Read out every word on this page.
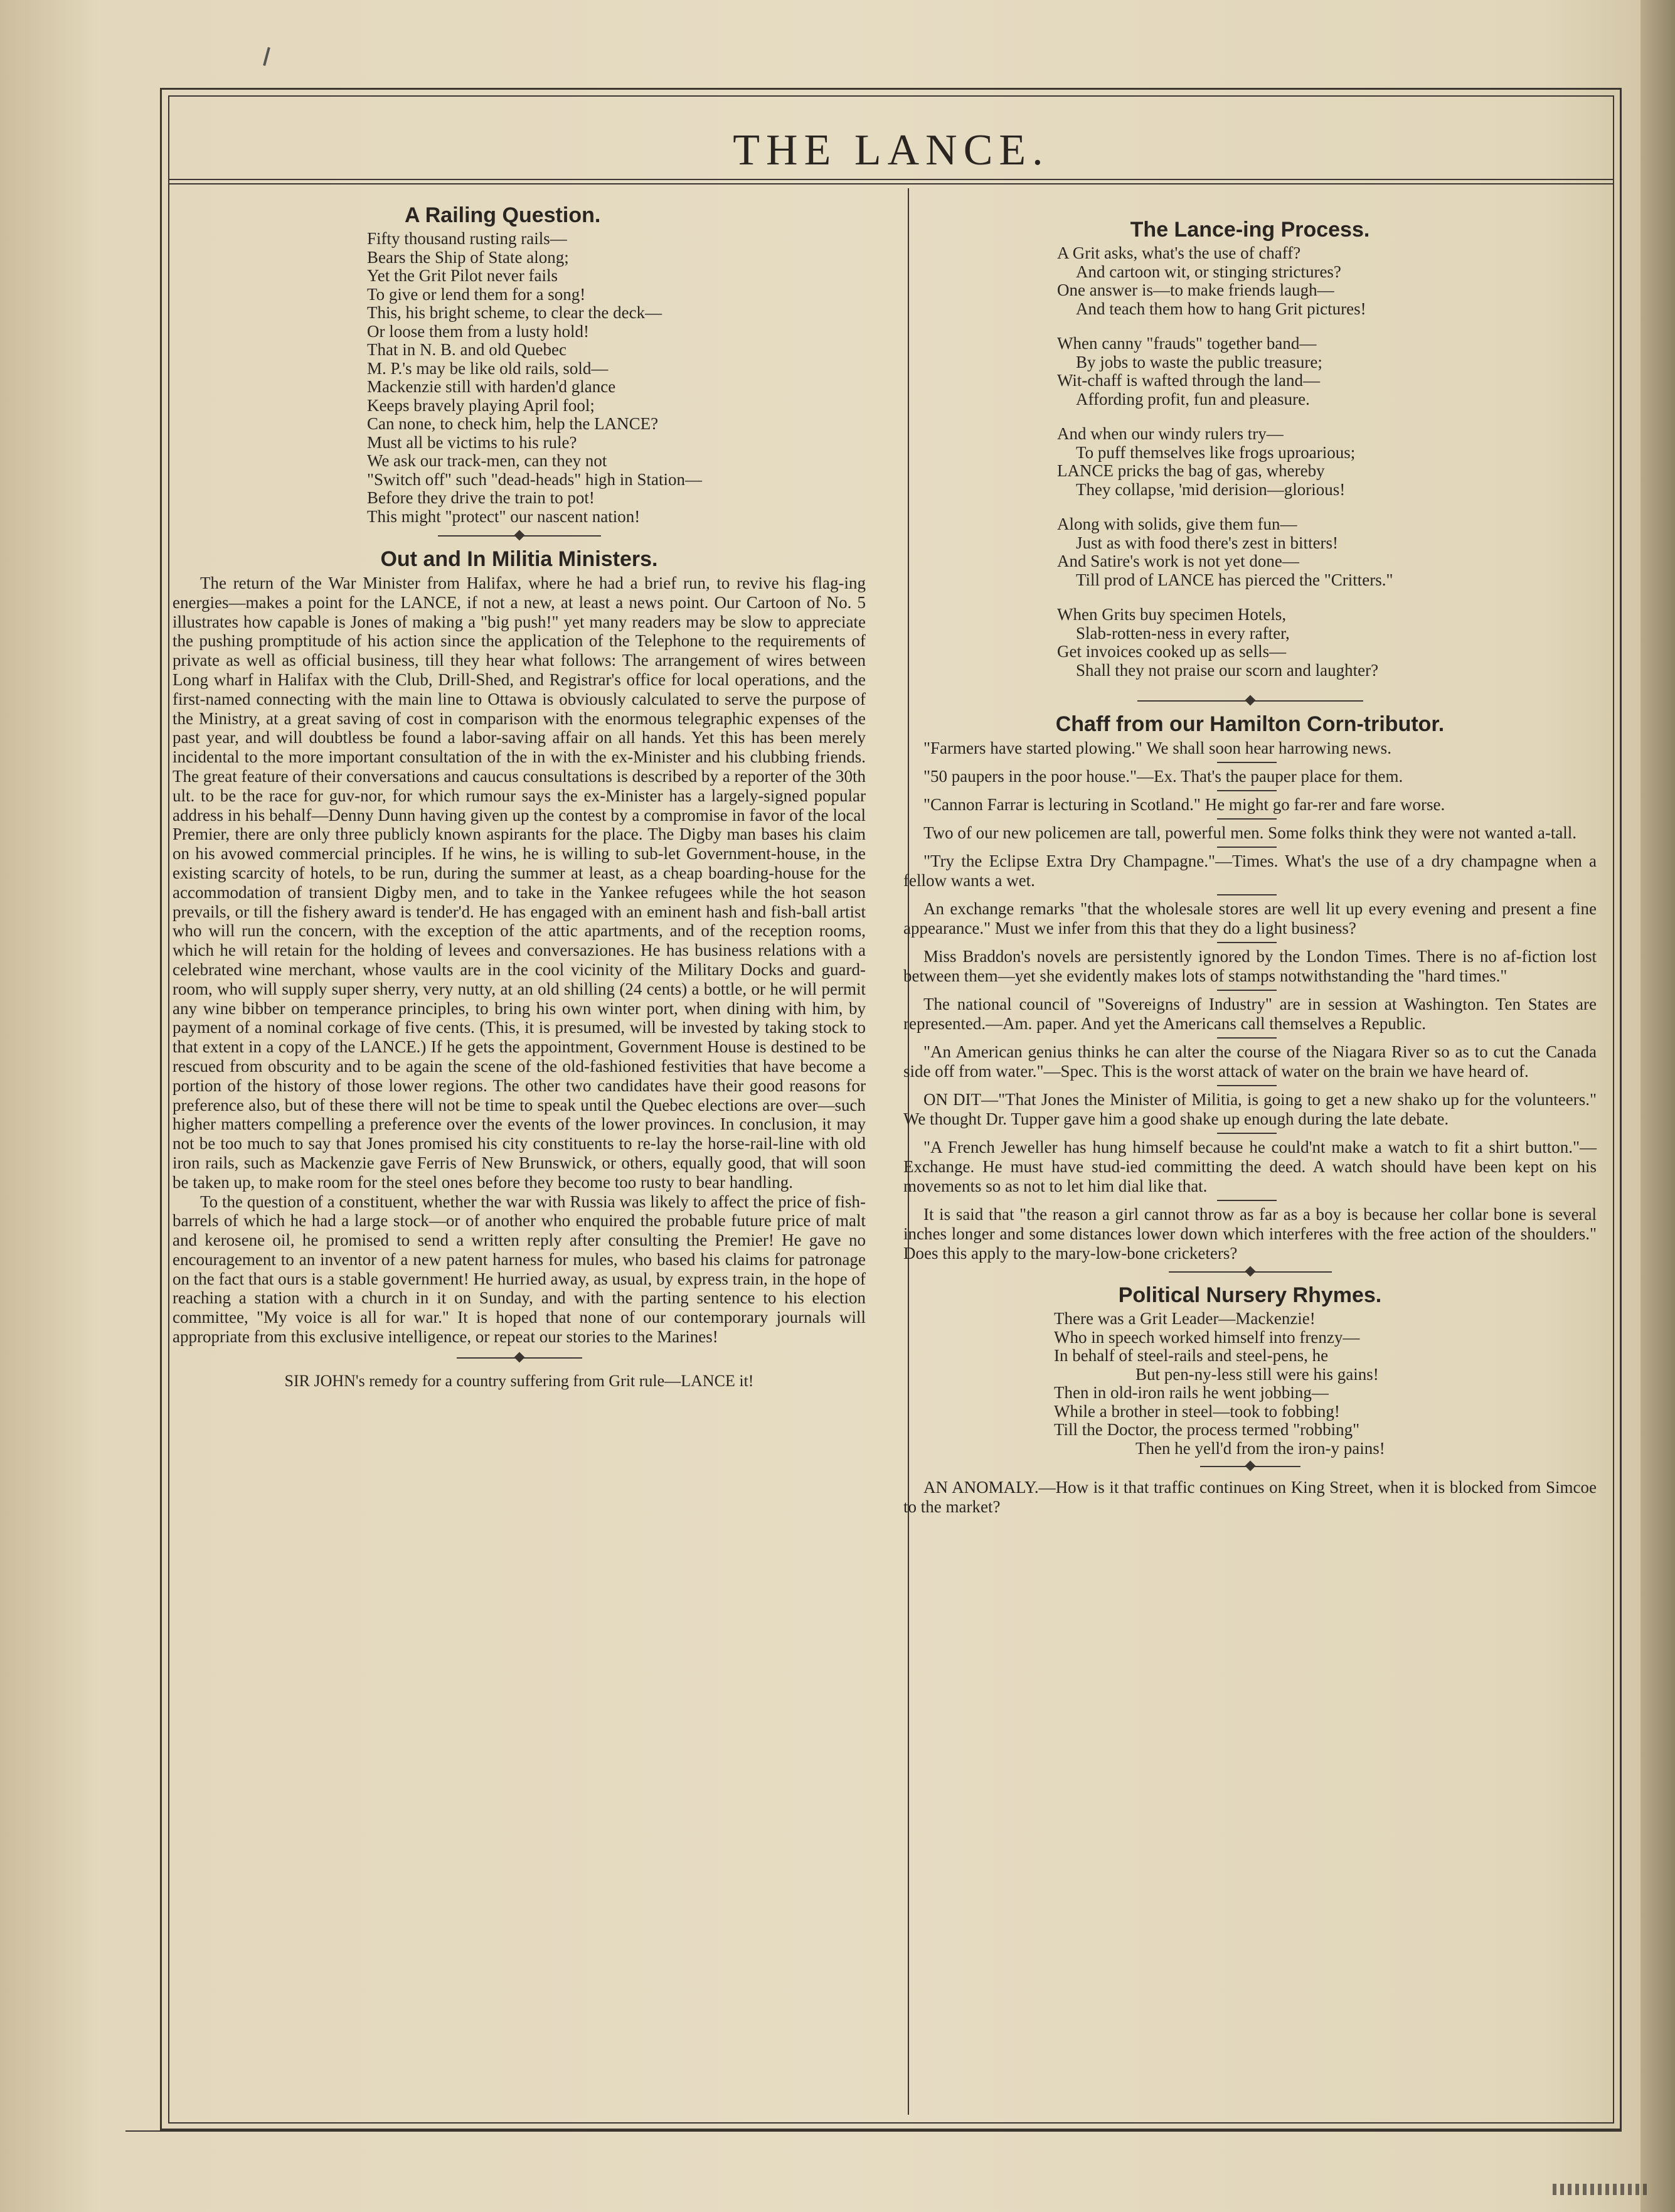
THE LANCE.
A Railing Question.
Fifty thousand rusting rails—
Bears the Ship of State along;
Yet the Grit Pilot never fails
To give or lend them for a song!
This, his bright scheme, to clear the deck—
Or loose them from a lusty hold!
That in N. B. and old Quebec
M. P.'s may be like old rails, sold—
Mackenzie still with harden'd glance
Keeps bravely playing April fool;
Can none, to check him, help the LANCE?
Must all be victims to his rule?
We ask our track-men, can they not
"Switch off" such "dead-heads" high in Station—
Before they drive the train to pot!
This might "protect" our nascent nation!
Out and In Militia Ministers.

The return of the War Minister from Halifax, where he had a brief run, to revive his flag-ing energies—makes a point for the LANCE, if not a new, at least a news point. Our Cartoon of No. 5 illustrates how capable is Jones of making a "big push!" yet many readers may be slow to appreciate the pushing promptitude of his action since the application of the Telephone to the requirements of private as well as official business, till they hear what follows: The arrangement of wires between Long wharf in Halifax with the Club, Drill-Shed, and Registrar's office for local operations, and the first-named connecting with the main line to Ottawa is obviously calculated to serve the purpose of the Ministry, at a great saving of cost in comparison with the enormous telegraphic expenses of the past year, and will doubtless be found a labor-saving affair on all hands. Yet this has been merely incidental to the more important consultation of the in with the ex-Minister and his clubbing friends. The great feature of their conversations and caucus consultations is described by a reporter of the 30th ult. to be the race for guv-nor, for which rumour says the ex-Minister has a largely-signed popular address in his behalf—Denny Dunn having given up the contest by a compromise in favor of the local Premier, there are only three publicly known aspirants for the place. The Digby man bases his claim on his avowed commercial principles. If he wins, he is willing to sub-let Government-house, in the existing scarcity of hotels, to be run, during the summer at least, as a cheap boarding-house for the accommodation of transient Digby men, and to take in the Yankee refugees while the hot season prevails, or till the fishery award is tender'd. He has engaged with an eminent hash and fish-ball artist who will run the concern, with the exception of the attic apartments, and of the reception rooms, which he will retain for the holding of levees and conversaziones. He has business relations with a celebrated wine merchant, whose vaults are in the cool vicinity of the Military Docks and guard-room, who will supply super sherry, very nutty, at an old shilling (24 cents) a bottle, or he will permit any wine bibber on temperance principles, to bring his own winter port, when dining with him, by payment of a nominal corkage of five cents. (This, it is presumed, will be invested by taking stock to that extent in a copy of the LANCE.) If he gets the appointment, Government House is destined to be rescued from obscurity and to be again the scene of the old-fashioned festivities that have become a portion of the history of those lower regions. The other two candidates have their good reasons for preference also, but of these there will not be time to speak until the Quebec elections are over—such higher matters compelling a preference over the events of the lower provinces. In conclusion, it may not be too much to say that Jones promised his city constituents to re-lay the horse-rail-line with old iron rails, such as Mackenzie gave Ferris of New Brunswick, or others, equally good, that will soon be taken up, to make room for the steel ones before they become too rusty to bear handling.

To the question of a constituent, whether the war with Russia was likely to affect the price of fish-barrels of which he had a large stock—or of another who enquired the probable future price of malt and kerosene oil, he promised to send a written reply after consulting the Premier! He gave no encouragement to an inventor of a new patent harness for mules, who based his claims for patronage on the fact that ours is a stable government! He hurried away, as usual, by express train, in the hope of reaching a station with a church in it on Sunday, and with the parting sentence to his election committee, "My voice is all for war." It is hoped that none of our contemporary journals will appropriate from this exclusive intelligence, or repeat our stories to the Marines!

SIR JOHN's remedy for a country suffering from Grit rule—LANCE it!
The Lance-ing Process.
A Grit asks, what's the use of chaff?
And cartoon wit, or stinging strictures?
One answer is—to make friends laugh—
And teach them how to hang Grit pictures!
When canny "frauds" together band—
By jobs to waste the public treasure;
Wit-chaff is wafted through the land—
Affording profit, fun and pleasure.
And when our windy rulers try—
To puff themselves like frogs uproarious;
LANCE pricks the bag of gas, whereby
They collapse, 'mid derision—glorious!
Along with solids, give them fun—
Just as with food there's zest in bitters!
And Satire's work is not yet done—
Till prod of LANCE has pierced the "Critters."
When Grits buy specimen Hotels,
Slab-rotten-ness in every rafter,
Get invoices cooked up as sells—
Shall they not praise our scorn and laughter?
Chaff from our Hamilton Corn-tributor.

"Farmers have started plowing." We shall soon hear harrowing news.

"50 paupers in the poor house."—Ex. That's the pauper place for them.

"Cannon Farrar is lecturing in Scotland." He might go far-rer and fare worse.

Two of our new policemen are tall, powerful men. Some folks think they were not wanted a-tall.

"Try the Eclipse Extra Dry Champagne."—Times. What's the use of a dry champagne when a fellow wants a wet.

An exchange remarks "that the wholesale stores are well lit up every evening and present a fine appearance." Must we infer from this that they do a light business?

Miss Braddon's novels are persistently ignored by the London Times. There is no af-fiction lost between them—yet she evidently makes lots of stamps notwithstanding the "hard times."

The national council of "Sovereigns of Industry" are in session at Washington. Ten States are represented.—Am. paper. And yet the Americans call themselves a Republic.

"An American genius thinks he can alter the course of the Niagara River so as to cut the Canada side off from water."—Spec. This is the worst attack of water on the brain we have heard of.

ON DIT—"That Jones the Minister of Militia, is going to get a new shako up for the volunteers." We thought Dr. Tupper gave him a good shake up enough during the late debate.

"A French Jeweller has hung himself because he could'nt make a watch to fit a shirt button."—Exchange. He must have stud-ied committing the deed. A watch should have been kept on his movements so as not to let him dial like that.

It is said that "the reason a girl cannot throw as far as a boy is because her collar bone is several inches longer and some distances lower down which interferes with the free action of the shoulders." Does this apply to the mary-low-bone cricketers?

Political Nursery Rhymes.
There was a Grit Leader—Mackenzie!
Who in speech worked himself into frenzy—
In behalf of steel-rails and steel-pens, he
But pen-ny-less still were his gains!
Then in old-iron rails he went jobbing—
While a brother in steel—took to fobbing!
Till the Doctor, the process termed "robbing"
Then he yell'd from the iron-y pains!

AN ANOMALY.—How is it that traffic continues on King Street, when it is blocked from Simcoe to the market?
